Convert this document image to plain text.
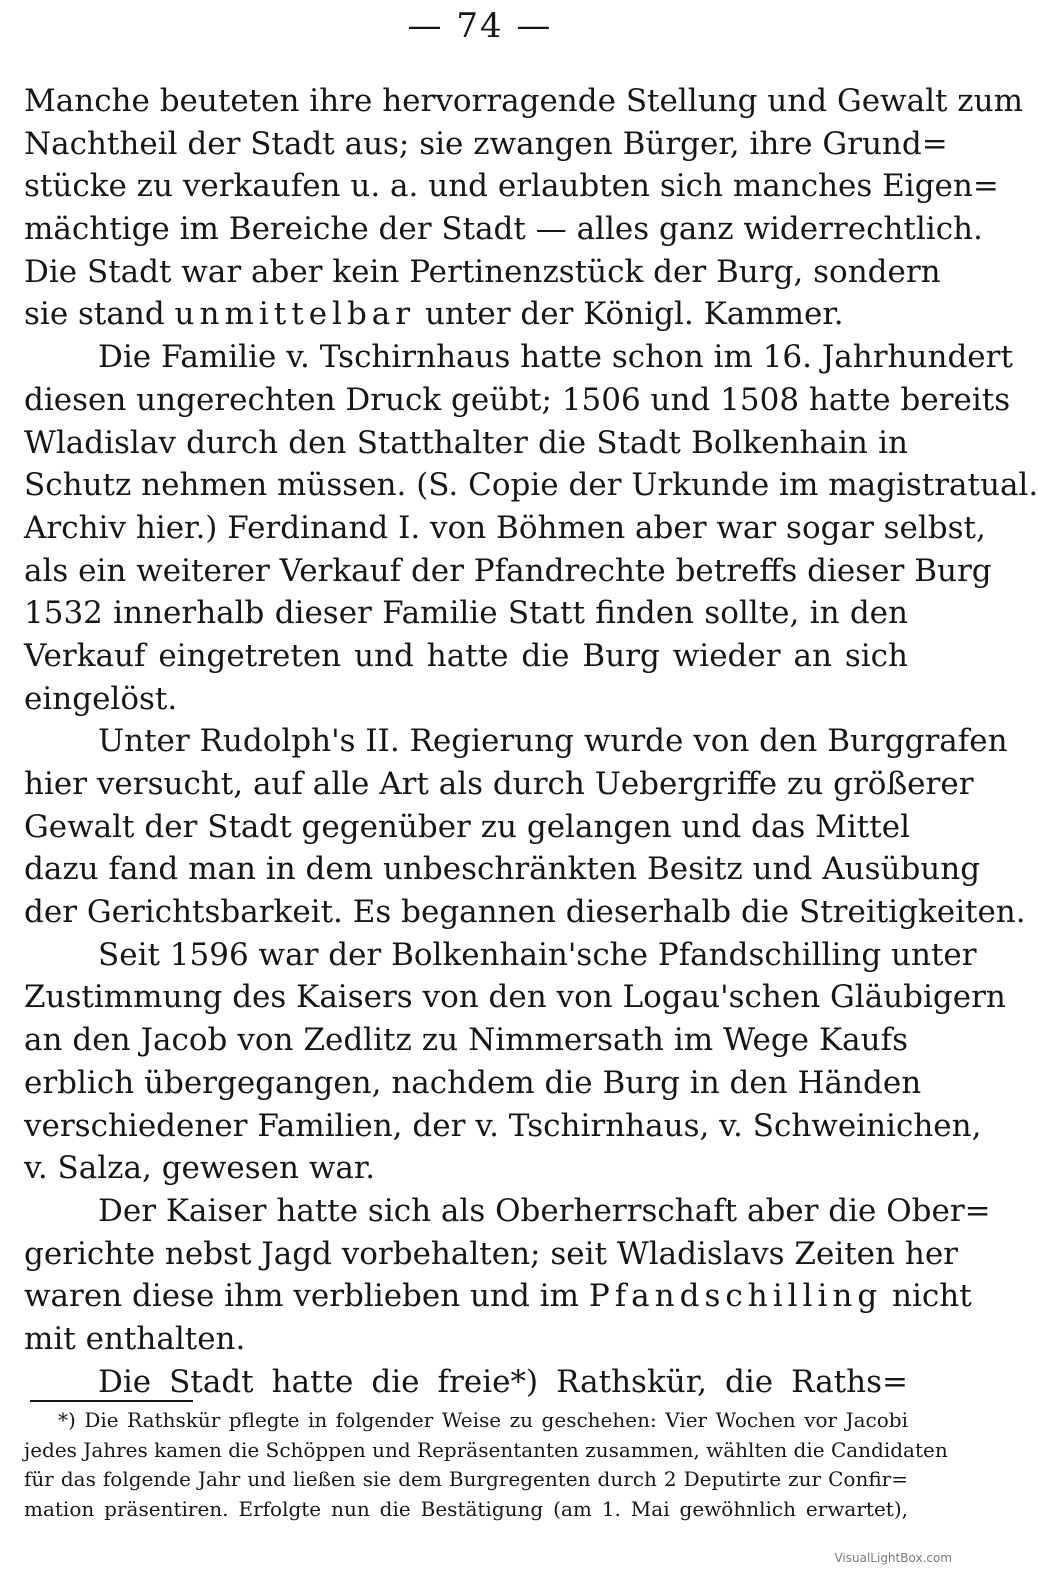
— 74 —
Manche beuteten ihre hervorragende Stellung und Gewalt zum
Nachtheil der Stadt aus; sie zwangen Bürger, ihre Grund=
stücke zu verkaufen u. a. und erlaubten sich manches Eigen=
mächtige im Bereiche der Stadt — alles ganz widerrechtlich.
Die Stadt war aber kein Pertinenzstück der Burg, sondern
sie stand unmittelbar unter der Königl. Kammer.
Die Familie v. Tschirnhaus hatte schon im 16. Jahrhundert
diesen ungerechten Druck geübt; 1506 und 1508 hatte bereits
Wladislav durch den Statthalter die Stadt Bolkenhain in
Schutz nehmen müssen. (S. Copie der Urkunde im magistratual.
Archiv hier.) Ferdinand I. von Böhmen aber war sogar selbst,
als ein weiterer Verkauf der Pfandrechte betreffs dieser Burg
1532 innerhalb dieser Familie Statt finden sollte, in den
Verkauf eingetreten und hatte die Burg wieder an sich
eingelöst.
Unter Rudolph's II. Regierung wurde von den Burggrafen
hier versucht, auf alle Art als durch Uebergriffe zu größerer
Gewalt der Stadt gegenüber zu gelangen und das Mittel
dazu fand man in dem unbeschränkten Besitz und Ausübung
der Gerichtsbarkeit. Es begannen dieserhalb die Streitigkeiten.
Seit 1596 war der Bolkenhain'sche Pfandschilling unter
Zustimmung des Kaisers von den von Logau'schen Gläubigern
an den Jacob von Zedlitz zu Nimmersath im Wege Kaufs
erblich übergegangen, nachdem die Burg in den Händen
verschiedener Familien, der v. Tschirnhaus, v. Schweinichen,
v. Salza, gewesen war.
Der Kaiser hatte sich als Oberherrschaft aber die Ober=
gerichte nebst Jagd vorbehalten; seit Wladislavs Zeiten her
waren diese ihm verblieben und im Pfandschilling nicht
mit enthalten.
Die Stadt hatte die freie*) Rathskür, die Raths=
*) Die Rathskür pflegte in folgender Weise zu geschehen: Vier Wochen vor Jacobi
jedes Jahres kamen die Schöppen und Repräsentanten zusammen, wählten die Candidaten
für das folgende Jahr und ließen sie dem Burgregenten durch 2 Deputirte zur Confir=
mation präsentiren. Erfolgte nun die Bestätigung (am 1. Mai gewöhnlich erwartet),
VisualLightBox.com
